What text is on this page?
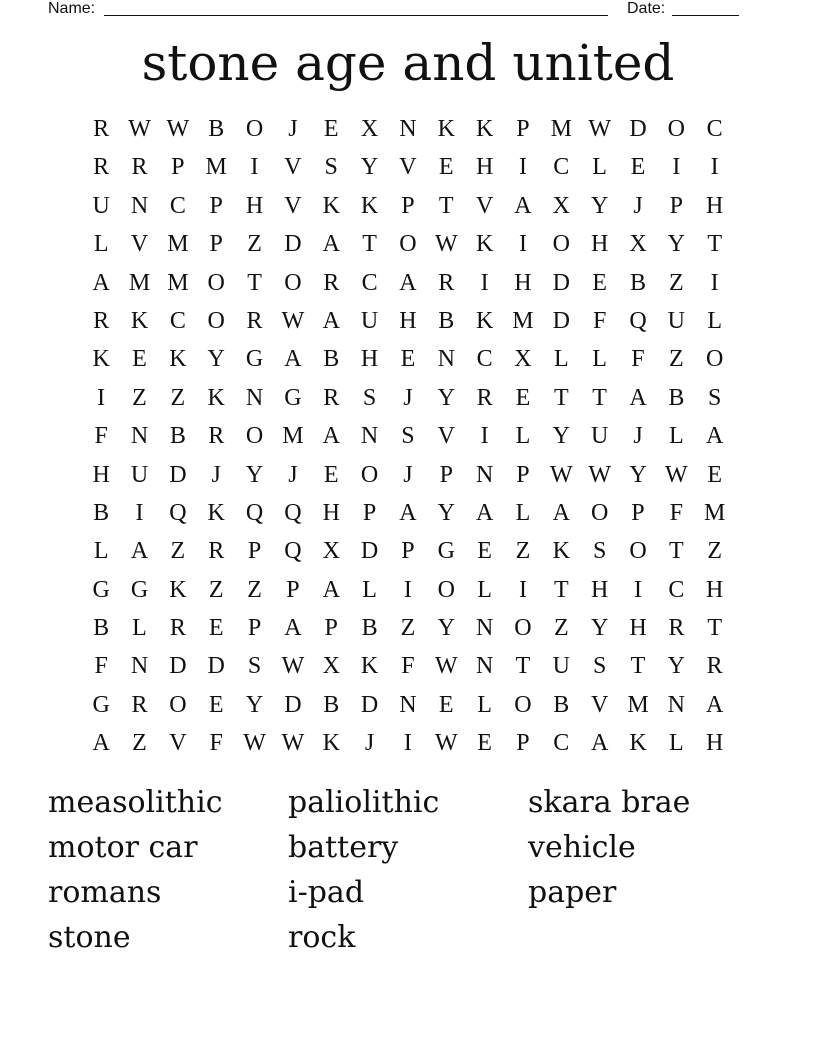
Name:	Date:
stone age and united
R W W B O	J	E X N K K P M W D O C
R R P M I	V S Y V E H	I	C L E	I	I
U N C P H V K K P	T V A X Y	J	P H
L V M P	Z D A T O W K	I	O H X Y T
A M M O T O R C A R	I	H D E B Z	I
R K C O R W A U H B K M D F Q U L
K E K Y G A B H E N C X L L	F	Z O
I	Z Z K N G R S	J	Y R E T T A B S
F N B R O M A N S V	I	L Y U	J	L A
H U D	J	Y	J	E O	J	P N P W W Y W E
B	I	Q K Q Q H P A Y A L A O P	F M
L A Z R P Q X D P G E Z K S O T Z
G G K Z Z	P A L	I	O L	I	T H	I	C H
B L R E	P A P B Z Y N O Z Y H R T
F N D D S W X K F W N T U S	T Y R
G R O E Y D B D N E L O B V M N A
A Z V F W W K	J	I W E	P C A K L H
measolithic
motor car
romans
stone
paliolithic
battery
i-pad
rock
skara brae
vehicle
paper
